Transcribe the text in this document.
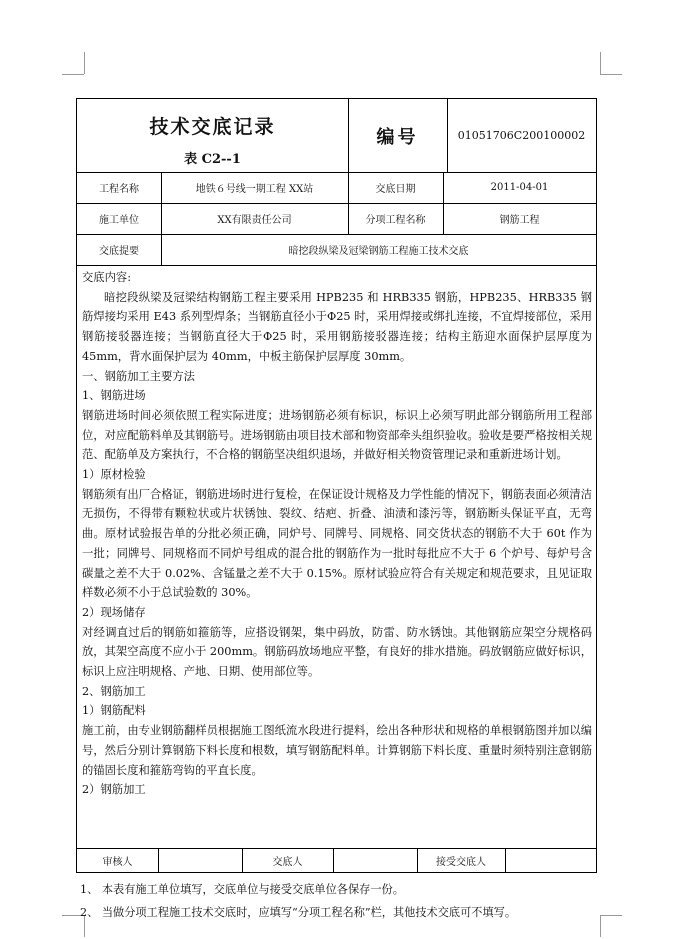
技术交底记录
表 C2--1
编号	01051706C200100002
工程名称	地铁６号线一期工程 XX站	交底日期	2011-04-01
施工单位	XX有限责任公司	分项工程名称	钢筋工程
交底提要	暗挖段纵梁及冠梁钢筋工程施工技术交底

交底内容:

暗挖段纵梁及冠梁结构钢筋工程主要采用 HPB235 和 HRB335 钢筋，HPB235、HRB335 钢筋焊接均采用 E43 系列型焊条；当钢筋直径小于Φ25 时，采用焊接或绑扎连接，不宜焊接部位，采用钢筋接驳器连接；当钢筋直径大于Φ25 时，采用钢筋接驳器连接；结构主筋迎水面保护层厚度为 45mm，背水面保护层为 40mm，中板主筋保护层厚度 30mm。

一、钢筋加工主要方法

1、钢筋进场

钢筋进场时间必须依照工程实际进度；进场钢筋必须有标识，标识上必须写明此部分钢筋所用工程部位，对应配筋料单及其钢筋号。进场钢筋由项目技术部和物资部牵头组织验收。验收是要严格按相关规范、配筋单及方案执行，不合格的钢筋坚决组织退场，并做好相关物资管理记录和重新进场计划。

1）原材检验

钢筋须有出厂合格证，钢筋进场时进行复检，在保证设计规格及力学性能的情况下，钢筋表面必须清洁无损伤，不得带有颗粒状或片状锈蚀、裂纹、结疤、折叠、油渍和漆污等，钢筋断头保证平直，无弯曲。原材试验报告单的分批必须正确，同炉号、同牌号、同规格、同交货状态的钢筋不大于 60t 作为一批；同牌号、同规格而不同炉号组成的混合批的钢筋作为一批时每批应不大于 6 个炉号、每炉号含碳量之差不大于 0.02%、含锰量之差不大于 0.15%。原材试验应符合有关规定和规范要求，且见证取样数必须不小于总试验数的 30%。

2）现场储存

对经调直过后的钢筋如箍筋等，应搭设钢架，集中码放，防雷、防水锈蚀。其他钢筋应架空分规格码放，其架空高度不应小于 200mm。钢筋码放场地应平整，有良好的排水措施。码放钢筋应做好标识，标识上应注明规格、产地、日期、使用部位等。

2、钢筋加工

1）钢筋配料

施工前，由专业钢筋翻样员根据施工图纸流水段进行提料，绘出各种形状和规格的单根钢筋图并加以编号，然后分别计算钢筋下料长度和根数，填写钢筋配料单。计算钢筋下料长度、重量时须特别注意钢筋的锚固长度和箍筋弯钩的平直长度。

2）钢筋加工

审核人	交底人	接受交底人

1、 本表有施工单位填写，交底单位与接受交底单位各保存一份。

2、 当做分项工程施工技术交底时，应填写“分项工程名称”栏，其他技术交底可不填写。
